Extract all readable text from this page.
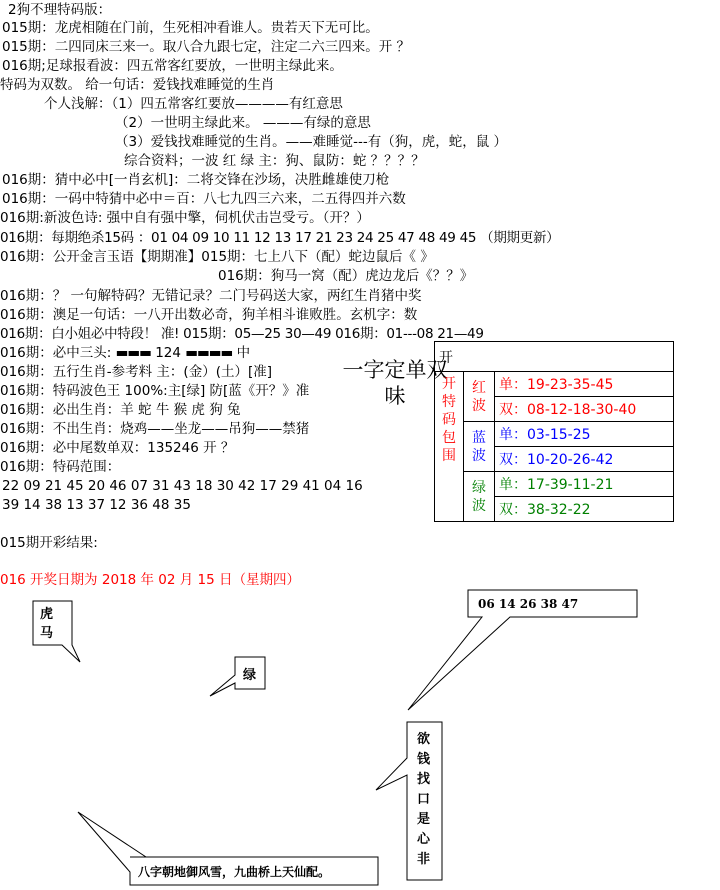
2狗不理特码版：
015期：龙虎相随在门前，生死相冲看谁人。贵若天下无可比。
015期：二四同床三来一。取八合九跟七定，注定二六三四来。开 ？
016期;足球报看波：四五常客红要放，一世明主绿此来。
特码为双数。 给一句话：爱钱找难睡觉的生肖
个人浅解：（1）四五常客红要放————有红意思
（2）一世明主绿此来。 ———有绿的意思
（3）爱钱找难睡觉的生肖。——难睡觉---有（狗，虎，蛇，鼠 ）
综合资料；一波 红 绿 主：狗、鼠防：蛇 ？？？？
016期：猜中必中[一肖玄机]：二将交锋在沙场，决胜雌雄使刀枪
016期：一码中特猜中必中＝百：八七九四三六来，二五得四并六数
016期:新波色诗: 强中自有强中擎，伺机伏击岂受亏。（开？）
016期：每期绝杀15码 ：01 04 09 10 11 12 13 17 21 23 24 25 47 48 49 45 （期期更新）
016期：公开金言玉语【期期准】015期：七上八下（配）蛇边鼠后《 》
016期：狗马一窝（配）虎边龙后《？？》
016期：？ 一句解特码？无错记录？二门号码送大家，两红生肖猪中奖
016期：澳足一句话：一八开出数必奇，狗羊相斗谁败胜。玄机字：数
016期：白小姐必中特段！ 准! 015期：05—25 30—49 016期：01---08 21—49
016期：必中三头: ▬▬▬ 124 ▬▬▬▬ 中
016期：五行生肖-参考料 主：(金）(土）[准]
016期：特码波色王 100%:主[绿] 防[蓝《开？》准
016期：必出生肖：羊 蛇 牛 猴 虎 狗 兔
016期：不出生肖：烧鸡——坐龙——吊狗——禁猪
016期：必中尾数单双：135246 开 ？
016期：特码范围：
22 09 21 45 20 46 07 31 43 18 30 42 17 29 41 04 16
39 14 38 13 37 12 36 48 35
015期开彩结果:
016 开奖日期为 2018 年 02 月 15 日（星期四）
一字定单双味
开		

开特码包围	红波	单：19-23-35-45
		双：08-12-18-30-40

	蓝波	单：03-15-25
		双：10-20-26-42

	绿波	单：17-39-11-21
		双：38-32-22
虎马
绿
06 14 26 38 47
欲钱找口是心非
八字朝地御风雪，九曲桥上天仙配。
